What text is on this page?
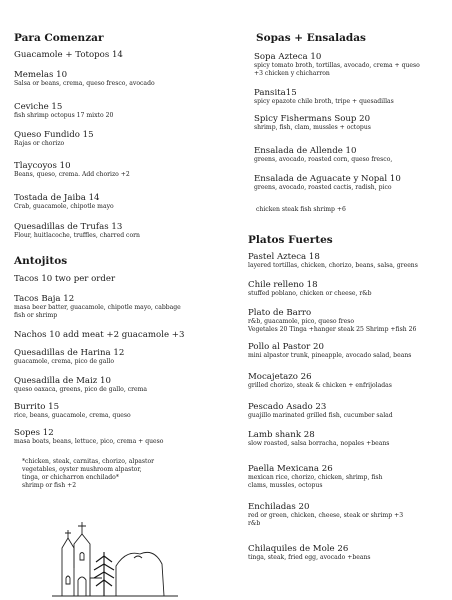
Para Comenzar
Guacamole + Totopos 14
Memelas 10
Salsa or beans, crema, queso fresco, avocado
Ceviche 15
fish shrimp octopus 17 mixto 20
Queso Fundido 15
Rajas or chorizo
Tlaycoyos 10
Beans, queso, crema. Add chorizo +2
Tostada de Jaiba 14
Crab, guacamole, chipotle mayo
Quesadillas de Trufas 13
Flour, huitlacoche, truffles, charred corn
Antojitos
Tacos 10 two per order
Tacos Baja 12
masa beer batter, guacamole, chipotle mayo, cabbage
fish or shrimp
Nachos 10 add meat +2 guacamole +3
Quesadillas de Harina 12
guacamole, crema, pico de gallo
Quesadilla de Maiz 10
queso oaxaca, greens, pico de gallo, crema
Burrito 15
rice, beans, guacamole, crema, queso
Sopes 12
masa boats, beans, lettuce, pico, crema + queso
*chicken, steak, carnitas, chorizo, alpastor
vegetables, oyster mushroom alpastor,
tinga, or chicharron enchilado*
shrimp or fish +2
Sopas + Ensaladas
Sopa Azteca 10
spicy tomato broth, tortillas, avocado, crema + queso
+3 chicken y chicharron
Pansita15
spicy epazote chile broth, tripe + quesadillas
Spicy Fishermans Soup 20
shrimp, fish, clam, mussles + octopus
Ensalada de Allende 10
greens, avocado, roasted corn, queso fresco,
Ensalada de Aguacate y Nopal 10
greens, avocado, roasted cactis, radish, pico
chicken steak fish shrimp +6
Platos Fuertes
Pastel Azteca 18
layered tortillas, chicken, chorizo, beans, salsa, greens
Chile relleno 18
stuffed poblano, chicken or cheese, r&b
Plato de Barro
r&b, guacamole, pico, queso freso
Vegetales 20 Tinga +hanger steak 25 Shrimp +fish 26
Pollo al Pastor 20
mini alpastor trunk, pineapple, avocado salad, beans
Mocajetazo 26
grilled chorizo, steak & chicken + enfrijoladas
Pescado Asado 23
guajillo marinated grilled fish, cucumber salad
Lamb shank 28
slow roasted, salsa borracha, nopales +beans
Paella Mexicana 26
mexican rice, chorizo, chicken, shrimp, fish
clams, mussles, octopus
Enchiladas 20
red or green, chicken, cheese, steak or shrimp +3
r&b
Chilaquiles de Mole 26
tinga, steak, fried egg, avocado +beans
